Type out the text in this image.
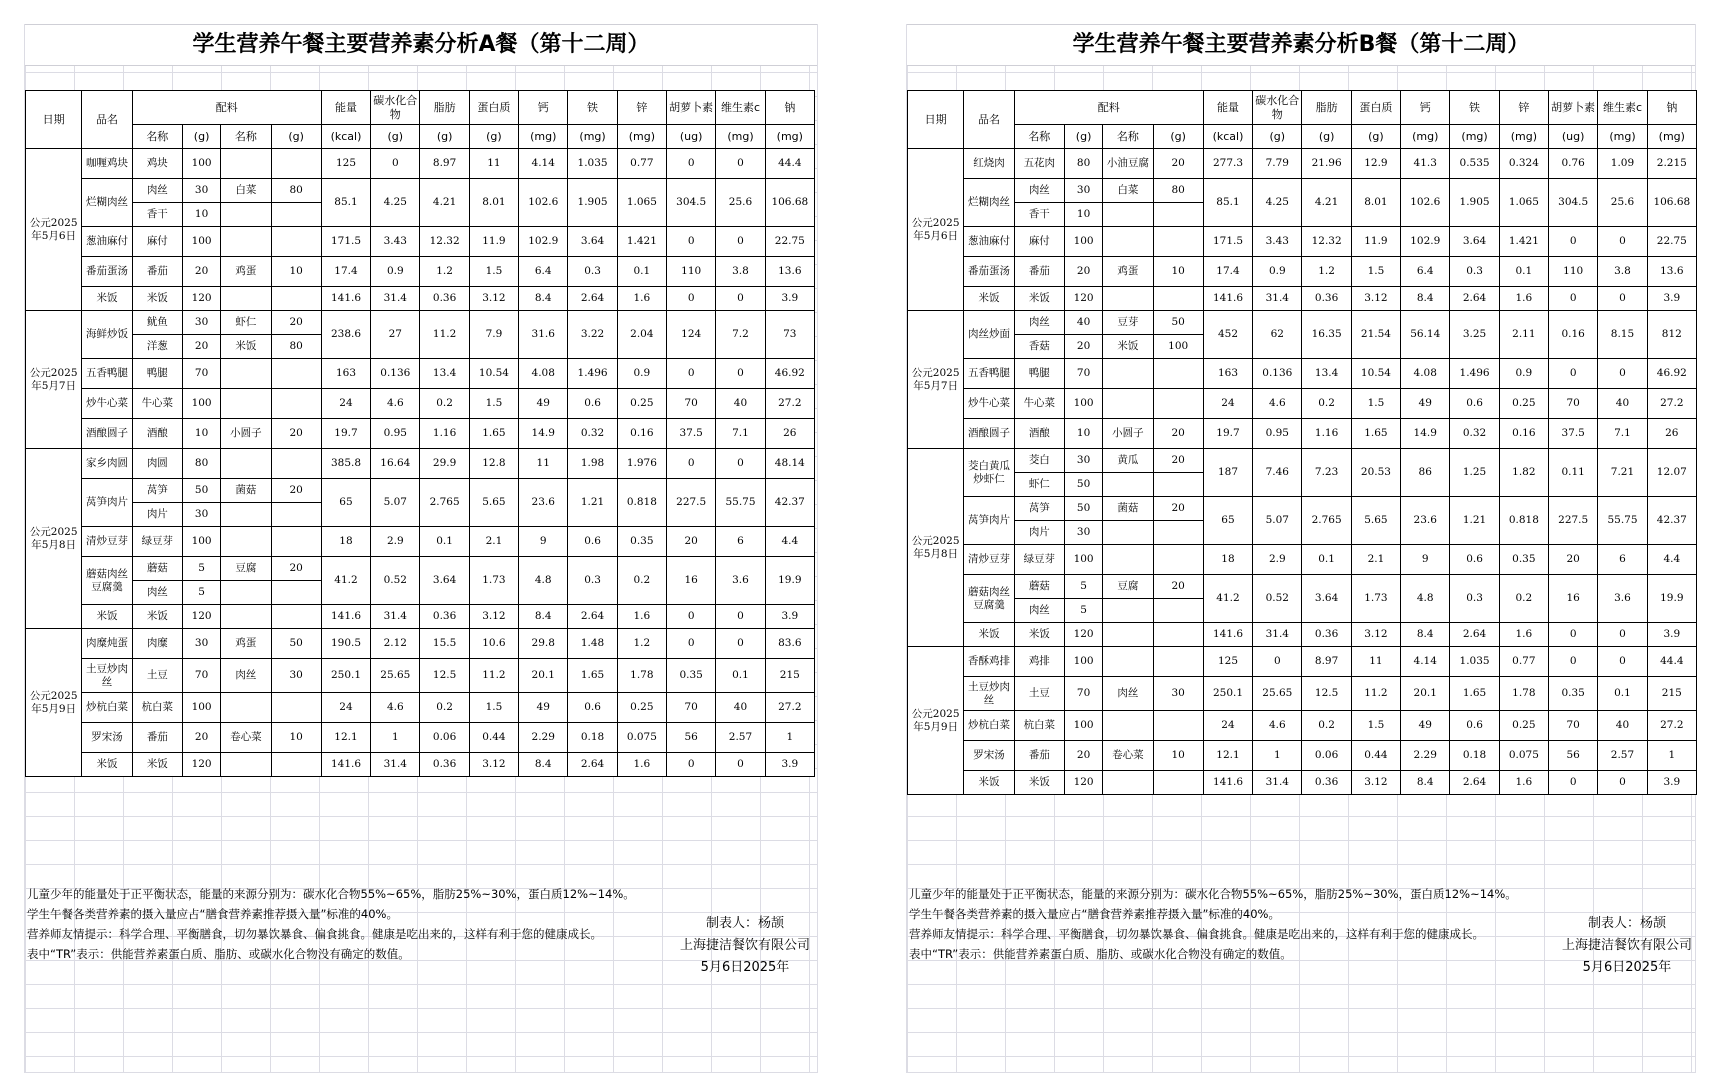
学生营养午餐主要营养素分析A餐（第十二周）
日期	品名	配料				能量	碳水化合物	脂肪	蛋白质	钙	铁	锌	胡萝卜素	维生素c	钠
		名称	(g)	名称	(g)	(kcal)	(g)	(g)	(g)	(mg)	(mg)	(mg)	(ug)	(mg)	(mg)
公元2025年5月6日	咖喱鸡块	鸡块	100			125	0	8.97	11	4.14	1.035	0.77	0	0	44.4
	烂糊肉丝	肉丝	30	白菜	80	85.1	4.25	4.21	8.01	102.6	1.905	1.065	304.5	25.6	106.68
		香干	10												
	葱油麻付	麻付	100			171.5	3.43	12.32	11.9	102.9	3.64	1.421	0	0	22.75
	番茄蛋汤	番茄	20	鸡蛋	10	17.4	0.9	1.2	1.5	6.4	0.3	0.1	110	3.8	13.6
	米饭	米饭	120			141.6	31.4	0.36	3.12	8.4	2.64	1.6	0	0	3.9
公元2025年5月7日	海鲜炒饭	鱿鱼	30	虾仁	20	238.6	27	11.2	7.9	31.6	3.22	2.04	124	7.2	73
		洋葱	20	米饭	80										
	五香鸭腿	鸭腿	70			163	0.136	13.4	10.54	4.08	1.496	0.9	0	0	46.92
	炒牛心菜	牛心菜	100			24	4.6	0.2	1.5	49	0.6	0.25	70	40	27.2
	酒酿圆子	酒酿	10	小圆子	20	19.7	0.95	1.16	1.65	14.9	0.32	0.16	37.5	7.1	26
公元2025年5月8日	家乡肉圆	肉圆	80			385.8	16.64	29.9	12.8	11	1.98	1.976	0	0	48.14
	莴笋肉片	莴笋	50	菌菇	20	65	5.07	2.765	5.65	23.6	1.21	0.818	227.5	55.75	42.37
		肉片	30												
	清炒豆芽	绿豆芽	100			18	2.9	0.1	2.1	9	0.6	0.35	20	6	4.4
	蘑菇肉丝豆腐羹	蘑菇	5	豆腐	20	41.2	0.52	3.64	1.73	4.8	0.3	0.2	16	3.6	19.9
		肉丝	5												
	米饭	米饭	120			141.6	31.4	0.36	3.12	8.4	2.64	1.6	0	0	3.9
公元2025年5月9日	肉糜炖蛋	肉糜	30	鸡蛋	50	190.5	2.12	15.5	10.6	29.8	1.48	1.2	0	0	83.6
	土豆炒肉丝	土豆	70	肉丝	30	250.1	25.65	12.5	11.2	20.1	1.65	1.78	0.35	0.1	215
	炒杭白菜	杭白菜	100			24	4.6	0.2	1.5	49	0.6	0.25	70	40	27.2
	罗宋汤	番茄	20	卷心菜	10	12.1	1	0.06	0.44	2.29	0.18	0.075	56	2.57	1
	米饭	米饭	120			141.6	31.4	0.36	3.12	8.4	2.64	1.6	0	0	3.9
儿童少年的能量处于正平衡状态，能量的来源分别为：碳水化合物55%~65%，脂肪25%~30%，蛋白质12%~14%。
学生午餐各类营养素的摄入量应占“膳食营养素推荐摄入量”标准的40%。
营养师友情提示：科学合理、平衡膳食，切勿暴饮暴食、偏食挑食。健康是吃出来的，这样有利于您的健康成长。
表中“TR”表示：供能营养素蛋白质、脂肪、或碳水化合物没有确定的数值。
制表人：杨颉
上海捷洁餐饮有限公司
5月6日2025年
学生营养午餐主要营养素分析B餐（第十二周）
日期	品名	配料				能量	碳水化合物	脂肪	蛋白质	钙	铁	锌	胡萝卜素	维生素c	钠
		名称	(g)	名称	(g)	(kcal)	(g)	(g)	(g)	(mg)	(mg)	(mg)	(ug)	(mg)	(mg)
公元2025年5月6日	红烧肉	五花肉	80	小油豆腐	20	277.3	7.79	21.96	12.9	41.3	0.535	0.324	0.76	1.09	2.215
	烂糊肉丝	肉丝	30	白菜	80	85.1	4.25	4.21	8.01	102.6	1.905	1.065	304.5	25.6	106.68
		香干	10												
	葱油麻付	麻付	100			171.5	3.43	12.32	11.9	102.9	3.64	1.421	0	0	22.75
	番茄蛋汤	番茄	20	鸡蛋	10	17.4	0.9	1.2	1.5	6.4	0.3	0.1	110	3.8	13.6
	米饭	米饭	120			141.6	31.4	0.36	3.12	8.4	2.64	1.6	0	0	3.9
公元2025年5月7日	肉丝炒面	肉丝	40	豆芽	50	452	62	16.35	21.54	56.14	3.25	2.11	0.16	8.15	812
		香菇	20	米饭	100										
	五香鸭腿	鸭腿	70			163	0.136	13.4	10.54	4.08	1.496	0.9	0	0	46.92
	炒牛心菜	牛心菜	100			24	4.6	0.2	1.5	49	0.6	0.25	70	40	27.2
	酒酿圆子	酒酿	10	小圆子	20	19.7	0.95	1.16	1.65	14.9	0.32	0.16	37.5	7.1	26
公元2025年5月8日	茭白黄瓜炒虾仁	茭白	30	黄瓜	20	187	7.46	7.23	20.53	86	1.25	1.82	0.11	7.21	12.07
		虾仁	50												
	莴笋肉片	莴笋	50	菌菇	20	65	5.07	2.765	5.65	23.6	1.21	0.818	227.5	55.75	42.37
		肉片	30												
	清炒豆芽	绿豆芽	100			18	2.9	0.1	2.1	9	0.6	0.35	20	6	4.4
	蘑菇肉丝豆腐羹	蘑菇	5	豆腐	20	41.2	0.52	3.64	1.73	4.8	0.3	0.2	16	3.6	19.9
		肉丝	5												
	米饭	米饭	120			141.6	31.4	0.36	3.12	8.4	2.64	1.6	0	0	3.9
公元2025年5月9日	香酥鸡排	鸡排	100			125	0	8.97	11	4.14	1.035	0.77	0	0	44.4
	土豆炒肉丝	土豆	70	肉丝	30	250.1	25.65	12.5	11.2	20.1	1.65	1.78	0.35	0.1	215
	炒杭白菜	杭白菜	100			24	4.6	0.2	1.5	49	0.6	0.25	70	40	27.2
	罗宋汤	番茄	20	卷心菜	10	12.1	1	0.06	0.44	2.29	0.18	0.075	56	2.57	1
	米饭	米饭	120			141.6	31.4	0.36	3.12	8.4	2.64	1.6	0	0	3.9
儿童少年的能量处于正平衡状态，能量的来源分别为：碳水化合物55%~65%，脂肪25%~30%，蛋白质12%~14%。
学生午餐各类营养素的摄入量应占“膳食营养素推荐摄入量”标准的40%。
营养师友情提示：科学合理、平衡膳食，切勿暴饮暴食、偏食挑食。健康是吃出来的，这样有利于您的健康成长。
表中“TR”表示：供能营养素蛋白质、脂肪、或碳水化合物没有确定的数值。
制表人：杨颉
上海捷洁餐饮有限公司
5月6日2025年
